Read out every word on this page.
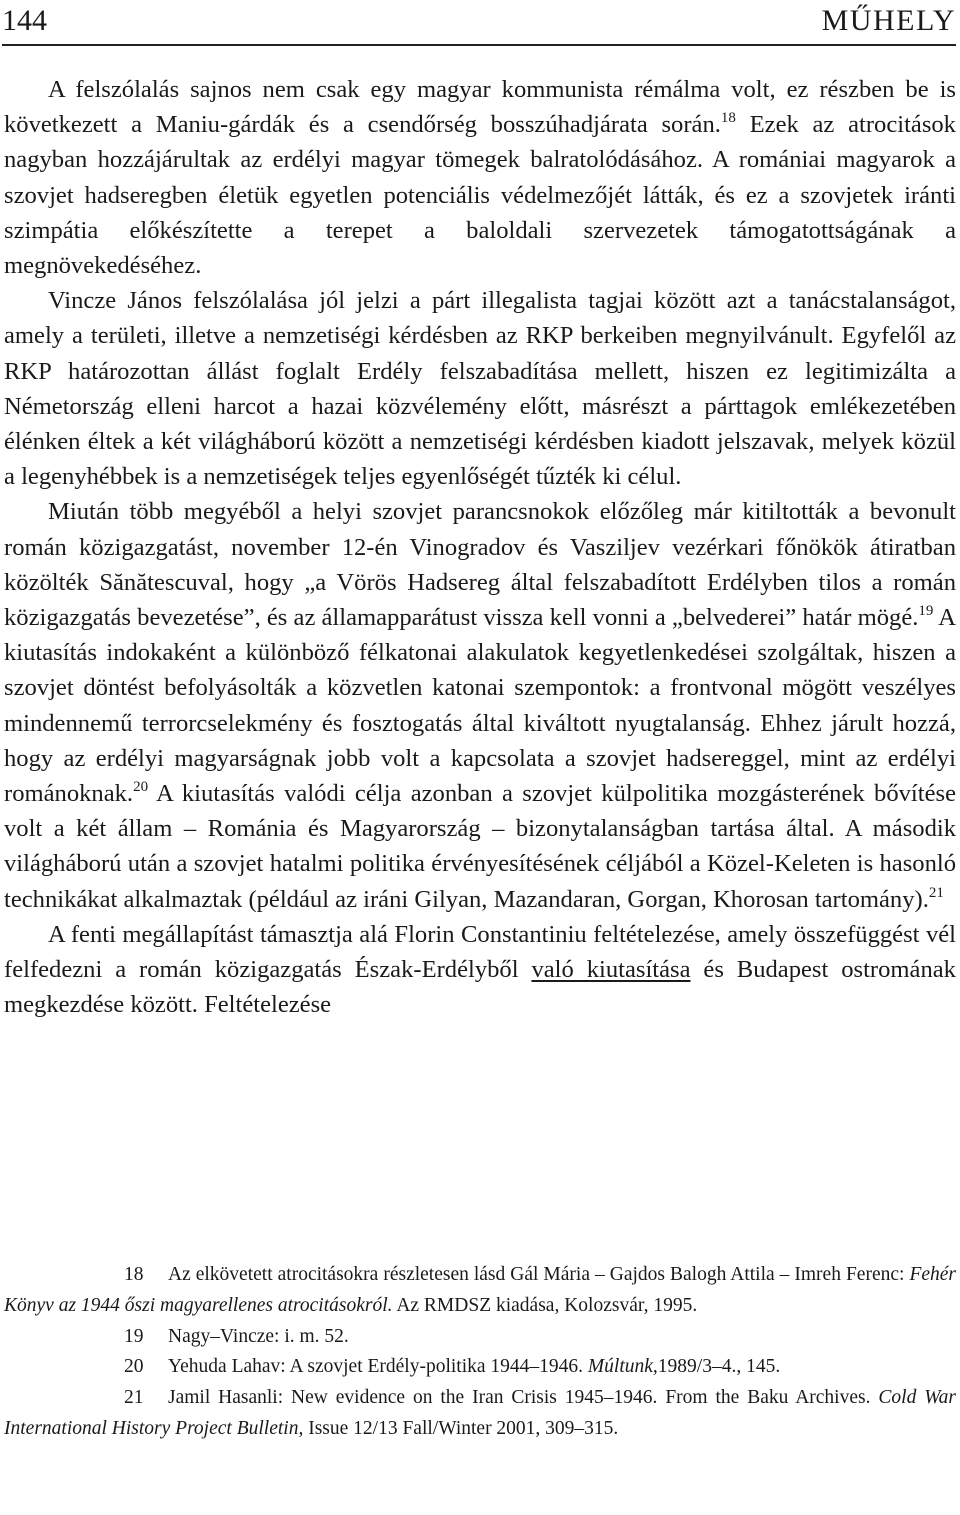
144	MŰHELY

A felszólalás sajnos nem csak egy magyar kommunista rémálma volt, ez részben be is következett a Maniu-gárdák és a csendőrség bosszúhadjárata során.$^{18}$ Ezek az atrocitások nagyban hozzájárultak az erdélyi magyar tömegek balratolódásához. A romániai magyarok a szovjet hadseregben életük egyetlen potenciális védelmezőjét látták, és ez a szovjetek iránti szimpátia előkészítette a terepet a baloldali szervezetek támogatottságának a megnövekedéséhez.

Vincze János felszólalása jól jelzi a párt illegalista tagjai között azt a tanácstalanságot, amely a területi, illetve a nemzetiségi kérdésben az RKP berkeiben megnyilvánult. Egyfelől az RKP határozottan állást foglalt Erdély felszabadítása mellett, hiszen ez legitimizálta a Németország elleni harcot a hazai közvélemény előtt, másrészt a párttagok emlékezetében élénken éltek a két világháború között a nemzetiségi kérdésben kiadott jelszavak, melyek közül a legenyhébbek is a nemzetiségek teljes egyenlőségét tűzték ki célul.

Miután több megyéből a helyi szovjet parancsnokok előzőleg már kitiltották a bevonult román közigazgatást, november 12-én Vinogradov és Vasziljev vezérkari főnökök átiratban közölték Sănătescuval, hogy „a Vörös Hadsereg által felszabadított Erdélyben tilos a román közigazgatás bevezetése”, és az államapparátust vissza kell vonni a „belvederei” határ mögé.$^{19}$ A kiutasítás indokaként a különböző félkatonai alakulatok kegyetlenkedései szolgáltak, hiszen a szovjet döntést befolyásolták a közvetlen katonai szempontok: a frontvonal mögött veszélyes mindennemű terrorcselekmény és fosztogatás által kiváltott nyugtalanság. Ehhez járult hozzá, hogy az erdélyi magyarságnak jobb volt a kapcsolata a szovjet hadsereggel, mint az erdélyi románoknak.$^{20}$ A kiutasítás valódi célja azonban a szovjet külpolitika mozgásterének bővítése volt a két állam – Románia és Magyarország – bizonytalanságban tartása által. A második világháború után a szovjet hatalmi politika érvényesítésének céljából a Közel-Keleten is hasonló technikákat alkalmaztak (például az iráni Gilyan, Mazandaran, Gorgan, Khorosan tartomány).$^{21}$

A fenti megállapítást támasztja alá Florin Constantiniu feltételezése, amely összefüggést vél felfedezni a román közigazgatás Észak-Erdélyből való kiutasítása és Budapest ostromának megkezdése között. Feltételezése

18 Az elkövetett atrocitásokra részletesen lásd Gál Mária – Gajdos Balogh Attila – Imreh Ferenc: Fehér Könyv az 1944 őszi magyarellenes atrocitásokról. Az RMDSZ kiadása, Kolozsvár, 1995.

19 Nagy–Vincze: i. m. 52.

20 Yehuda Lahav: A szovjet Erdély-politika 1944–1946. Múltunk,1989/3–4., 145.

21 Jamil Hasanli: New evidence on the Iran Crisis 1945–1946. From the Baku Archives. Cold War International History Project Bulletin, Issue 12/13 Fall/Winter 2001, 309–315.
